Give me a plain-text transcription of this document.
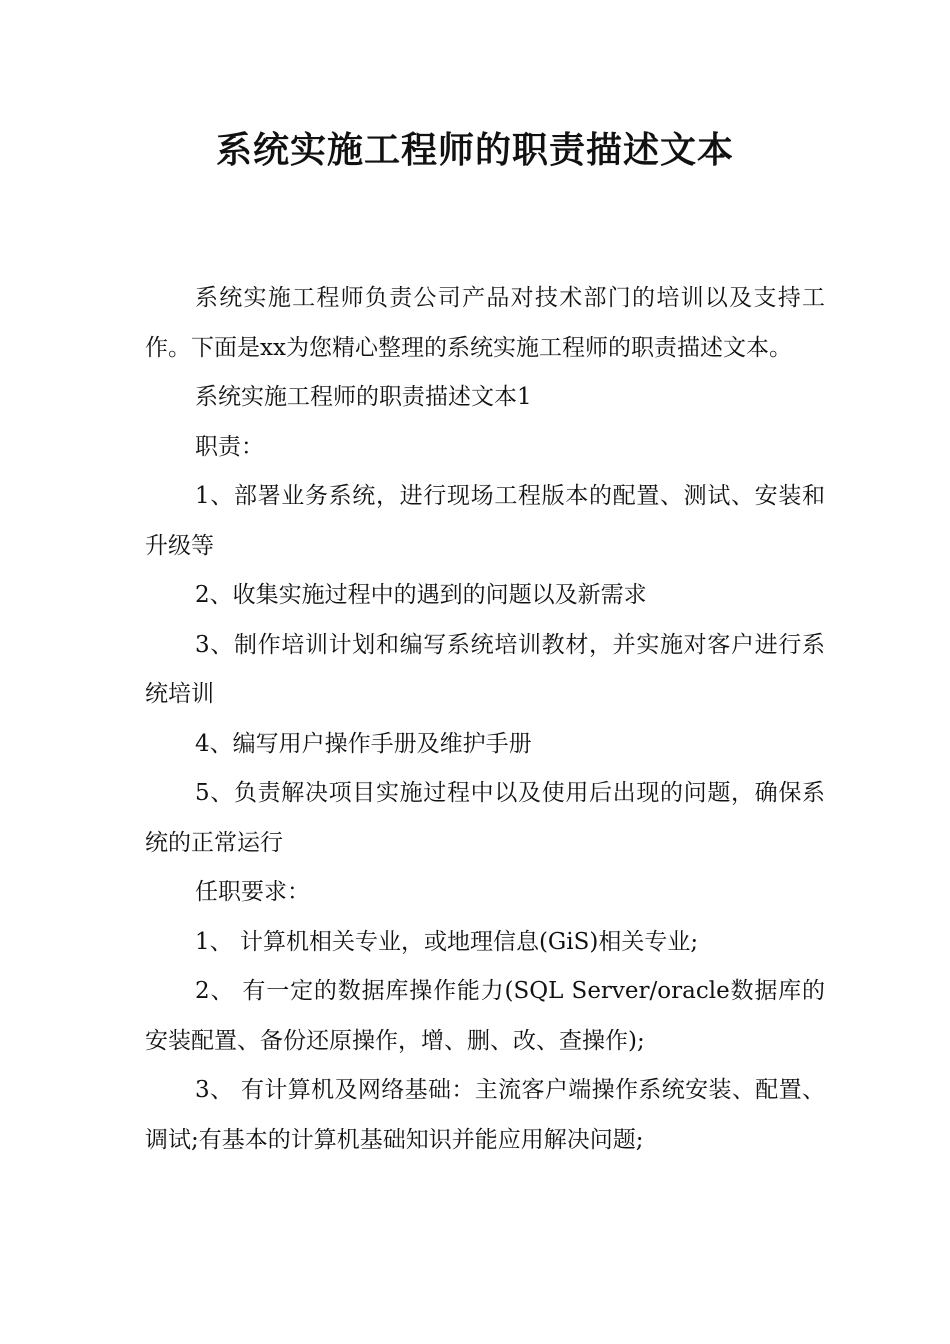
系统实施工程师的职责描述文本

系统实施工程师负责公司产品对技术部门的培训以及支持工作。下面是xx为您精心整理的系统实施工程师的职责描述文本。

系统实施工程师的职责描述文本1

职责：

1、部署业务系统，进行现场工程版本的配置、测试、安装和升级等

2、收集实施过程中的遇到的问题以及新需求

3、制作培训计划和编写系统培训教材，并实施对客户进行系统培训

4、编写用户操作手册及维护手册

5、负责解决项目实施过程中以及使用后出现的问题，确保系统的正常运行

任职要求：

1、 计算机相关专业，或地理信息(GiS)相关专业;

2、 有一定的数据库操作能力(SQL Server/oracle数据库的安装配置、备份还原操作，增、删、改、查操作);

3、 有计算机及网络基础：主流客户端操作系统安装、配置、调试;有基本的计算机基础知识并能应用解决问题;
